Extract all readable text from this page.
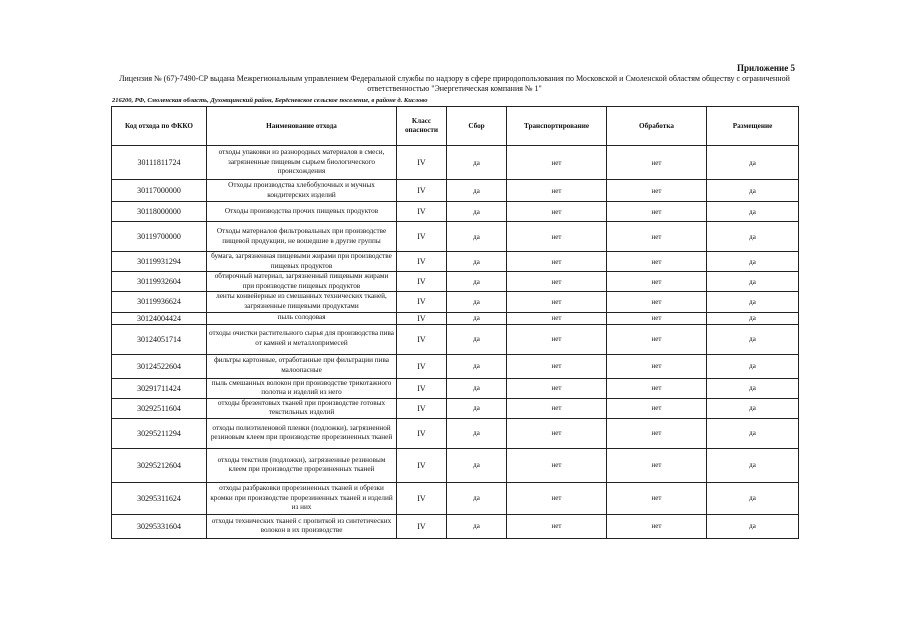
Приложение 5
Лицензия № (67)-7490-СР выдана Межрегиональным управлением Федеральной службы по надзору в сфере природопользования по Московской и Смоленской областям обществу с ограниченной ответственностью "Энергетическая компания № 1"
216200, РФ, Смоленская область, Духовщинский район, Берёсневское сельское поселение, в районе д. Кислово
Код отхода по ФККО	Наименование отхода	Класс опасности	Сбор	Транспортирование	Обработка	Размещение
30111811724	отходы упаковки из разнородных материалов в смеси, загрязненные пищевым сырьем биологического происхождения	IV	да	нет	нет	да
30117000000	Отходы производства хлебобулочных и мучных кондитерских изделий	IV	да	нет	нет	да
30118000000	Отходы производства прочих пищевых продуктов	IV	да	нет	нет	да
30119700000	Отходы материалов фильтровальных при производстве пищевой продукции, не вошедшие в другие группы	IV	да	нет	нет	да
30119931294	бумага, загрязненная пищевыми жирами при производстве пищевых продуктов	IV	да	нет	нет	да
30119932604	обтирочный материал, загрязненный пищевыми жирами при производстве пищевых продуктов	IV	да	нет	нет	да
30119936624	ленты конвейерные из смешанных технических тканей, загрязненные пищевыми продуктами	IV	да	нет	нет	да
30124004424	пыль солодовая	IV	да	нет	нет	да
30124051714	отходы очистки растительного сырья для производства пива от камней и металлопримесей	IV	да	нет	нет	да
30124522604	фильтры картонные, отработанные при фильтрации пива малоопасные	IV	да	нет	нет	да
30291711424	пыль смешанных волокон при производстве трикотажного полотна и изделий из него	IV	да	нет	нет	да
30292511604	отходы брезентовых тканей при производстве готовых текстильных изделий	IV	да	нет	нет	да
30295211294	отходы полиэтиленовой пленки (подложки), загрязненной резиновым клеем при производстве прорезиненных тканей	IV	да	нет	нет	да
30295212604	отходы текстиля (подложки), загрязненные резиновым клеем при производстве прорезиненных тканей	IV	да	нет	нет	да
30295311624	отходы разбраковки прорезиненных тканей и обрезки кромки при производстве прорезиненных тканей и изделий из них	IV	да	нет	нет	да
30295331604	отходы технических тканей с пропиткой из синтетических волокон в их производстве	IV	да	нет	нет	да
